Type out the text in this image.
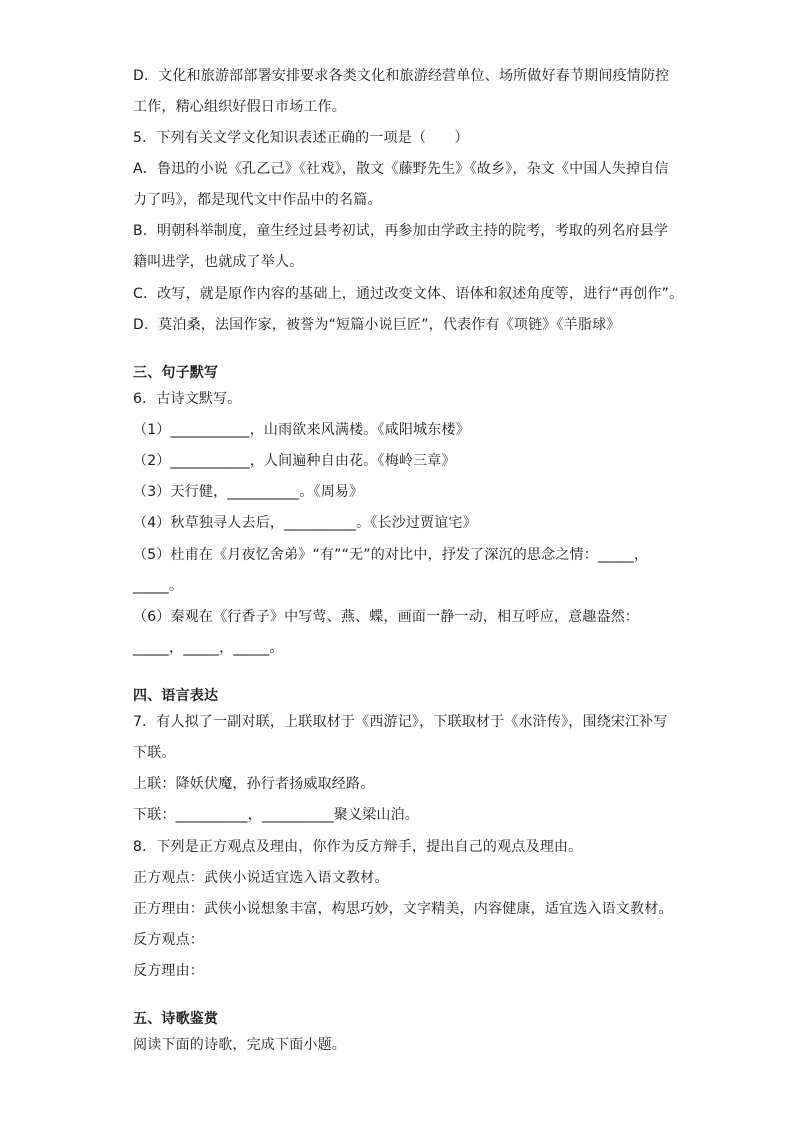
D．文化和旅游部部署安排要求各类文化和旅游经营单位、场所做好春节期间疫情防控
工作，精心组织好假日市场工作。
5．下列有关文学文化知识表述正确的一项是（　　）
A．鲁迅的小说《孔乙己》《社戏》，散文《藤野先生》《故乡》，杂文《中国人失掉自信
力了吗》，都是现代文中作品中的名篇。
B．明朝科举制度，童生经过县考初试，再参加由学政主持的院考，考取的列名府县学
籍叫进学，也就成了举人。
C．改写，就是原作内容的基础上，通过改变文体、语体和叙述角度等，进行“再创作”。
D．莫泊桑，法国作家，被誉为“短篇小说巨匠”，代表作有《项链》《羊脂球》
三、句子默写
6．古诗文默写。
（1）___________，山雨欲来风满楼。《咸阳城东楼》
（2）___________，人间遍种自由花。《梅岭三章》
（3）天行健，__________。《周易》
（4）秋草独寻人去后，__________。《长沙过贾谊宅》
（5）杜甫在《月夜忆舍弟》“有”“无”的对比中，抒发了深沉的思念之情：_____，
_____。
（6）秦观在《行香子》中写莺、燕、蝶，画面一静一动，相互呼应，意趣盎然：
_____，_____，_____。
四、语言表达
7．有人拟了一副对联，上联取材于《西游记》，下联取材于《水浒传》，围绕宋江补写
下联。
上联：降妖伏魔，孙行者扬威取经路。
下联：__________，__________聚义梁山泊。
8．下列是正方观点及理由，你作为反方辩手，提出自己的观点及理由。
正方观点：武侠小说适宜选入语文教材。
正方理由：武侠小说想象丰富，构思巧妙，文字精美，内容健康，适宜选入语文教材。
反方观点：
反方理由：
五、诗歌鉴赏
阅读下面的诗歌，完成下面小题。
